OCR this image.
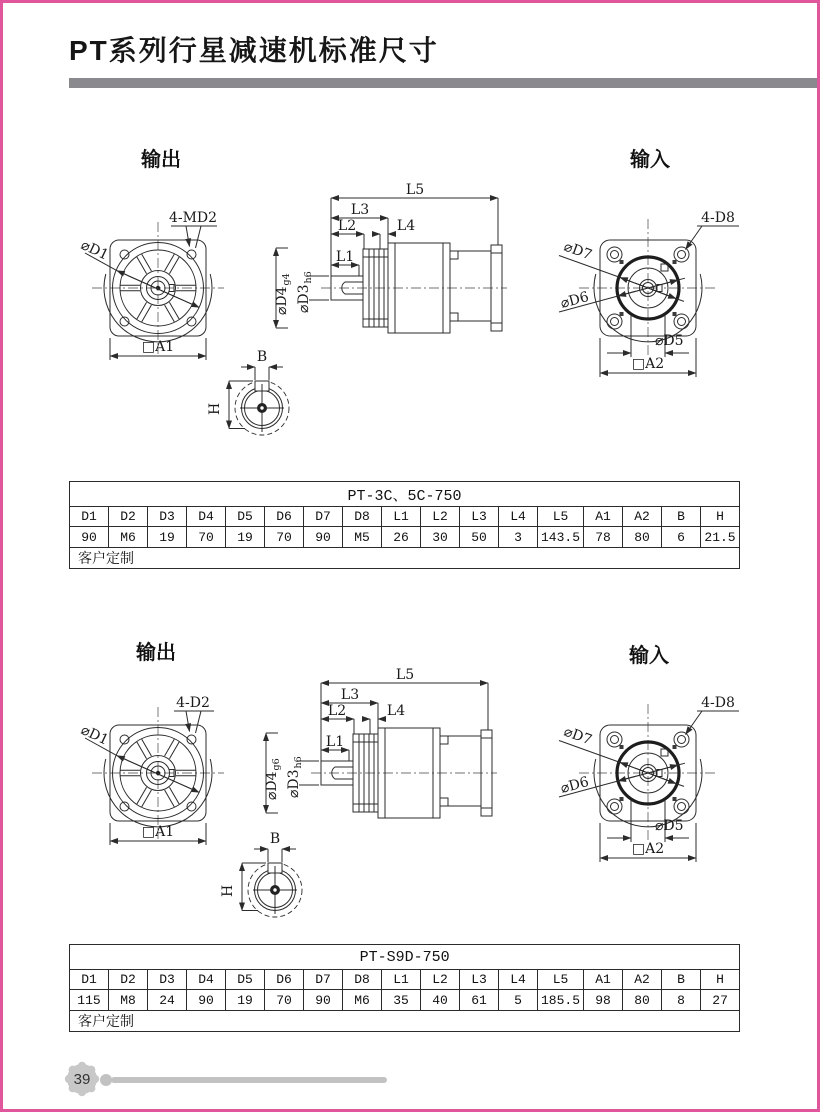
PT系列行星减速机标准尺寸
输出	输入
⌀D1
4-MD2
□A1
L5
L3
L2	L4
L1
$⌀D4_{g4}$
$⌀D3_{h6}$
⌀D7
⌀D6
⌀D5
4-D8
□A2
B
H
PT-3C、5C-750																
D1	D2	D3	D4	D5	D6	D7	D8	L1	L2	L3	L4	L5	A1	A2	B	H
90	M6	19	70	19	70	90	M5	26	30	50	3	143.5	78	80	6	21.5
客户定制																
输出	输入
⌀D1
4-D2
□A1
L5
L3
L2	L4
L1
$⌀D4_{g6}$
$⌀D3_{h6}$
⌀D7
⌀D6
⌀D5
4-D8
□A2
B
H
PT-S9D-750																
D1	D2	D3	D4	D5	D6	D7	D8	L1	L2	L3	L4	L5	A1	A2	B	H
115	M8	24	90	19	70	90	M6	35	40	61	5	185.5	98	80	8	27
客户定制																
39
